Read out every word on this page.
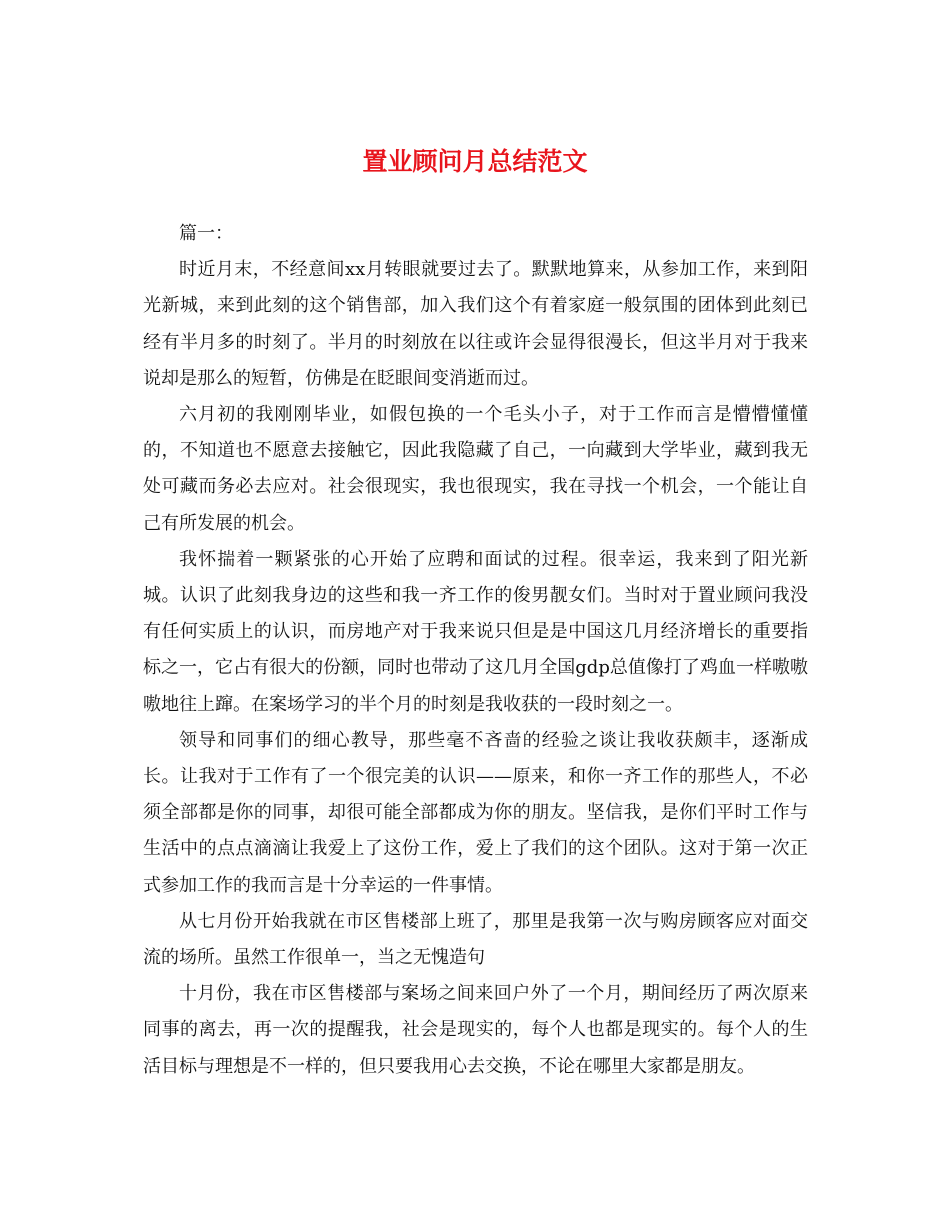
置业顾问月总结范文

篇一：

时近月末，不经意间xx月转眼就要过去了。默默地算来，从参加工作，来到阳光新城，来到此刻的这个销售部，加入我们这个有着家庭一般氛围的团体到此刻已经有半月多的时刻了。半月的时刻放在以往或许会显得很漫长，但这半月对于我来说却是那么的短暂，仿佛是在眨眼间变消逝而过。

六月初的我刚刚毕业，如假包换的一个毛头小子，对于工作而言是懵懵懂懂的，不知道也不愿意去接触它，因此我隐藏了自己，一向藏到大学毕业，藏到我无处可藏而务必去应对。社会很现实，我也很现实，我在寻找一个机会，一个能让自己有所发展的机会。

我怀揣着一颗紧张的心开始了应聘和面试的过程。很幸运，我来到了阳光新城。认识了此刻我身边的这些和我一齐工作的俊男靓女们。当时对于置业顾问我没有任何实质上的认识，而房地产对于我来说只但是是中国这几月经济增长的重要指标之一，它占有很大的份额，同时也带动了这几月全国gdp总值像打了鸡血一样嗷嗷嗷地往上蹿。在案场学习的半个月的时刻是我收获的一段时刻之一。

领导和同事们的细心教导，那些毫不吝啬的经验之谈让我收获颇丰，逐渐成长。让我对于工作有了一个很完美的认识——原来，和你一齐工作的那些人，不必须全部都是你的同事，却很可能全部都成为你的朋友。坚信我，是你们平时工作与生活中的点点滴滴让我爱上了这份工作，爱上了我们的这个团队。这对于第一次正式参加工作的我而言是十分幸运的一件事情。

从七月份开始我就在市区售楼部上班了，那里是我第一次与购房顾客应对面交流的场所。虽然工作很单一，当之无愧造句

十月份，我在市区售楼部与案场之间来回户外了一个月，期间经历了两次原来同事的离去，再一次的提醒我，社会是现实的，每个人也都是现实的。每个人的生活目标与理想是不一样的，但只要我用心去交换，不论在哪里大家都是朋友。
